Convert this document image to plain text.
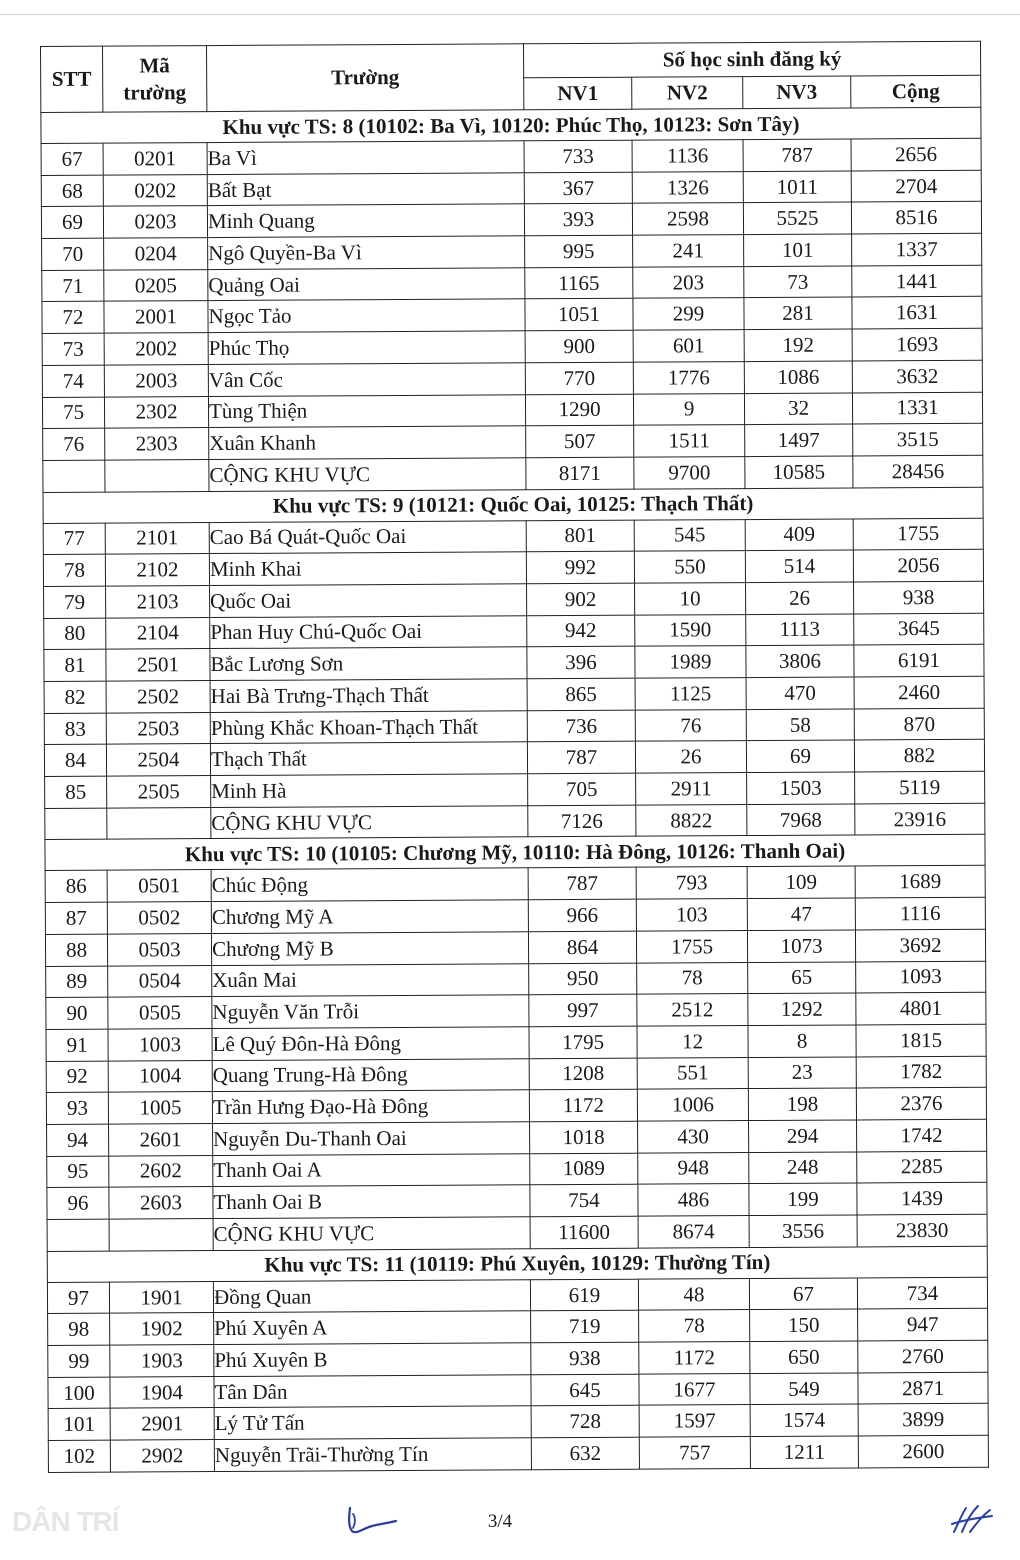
STT	Mã trường	Trường	Số học sinh đăng ký			
			NV1	NV2	NV3	Cộng
Khu vực TS: 8 (10102: Ba Vì, 10120: Phúc Thọ, 10123: Sơn Tây)						
67	0201	Ba Vì	733	1136	787	2656
68	0202	Bất Bạt	367	1326	1011	2704
69	0203	Minh Quang	393	2598	5525	8516
70	0204	Ngô Quyền-Ba Vì	995	241	101	1337
71	0205	Quảng Oai	1165	203	73	1441
72	2001	Ngọc Tảo	1051	299	281	1631
73	2002	Phúc Thọ	900	601	192	1693
74	2003	Vân Cốc	770	1776	1086	3632
75	2302	Tùng Thiện	1290	9	32	1331
76	2303	Xuân Khanh	507	1511	1497	3515
		CỘNG KHU VỰC	8171	9700	10585	28456
Khu vực TS: 9 (10121: Quốc Oai, 10125: Thạch Thất)						
77	2101	Cao Bá Quát-Quốc Oai	801	545	409	1755
78	2102	Minh Khai	992	550	514	2056
79	2103	Quốc Oai	902	10	26	938
80	2104	Phan Huy Chú-Quốc Oai	942	1590	1113	3645
81	2501	Bắc Lương Sơn	396	1989	3806	6191
82	2502	Hai Bà Trưng-Thạch Thất	865	1125	470	2460
83	2503	Phùng Khắc Khoan-Thạch Thất	736	76	58	870
84	2504	Thạch Thất	787	26	69	882
85	2505	Minh Hà	705	2911	1503	5119
		CỘNG KHU VỰC	7126	8822	7968	23916
Khu vực TS: 10 (10105: Chương Mỹ, 10110: Hà Đông, 10126: Thanh Oai)						
86	0501	Chúc Động	787	793	109	1689
87	0502	Chương Mỹ A	966	103	47	1116
88	0503	Chương Mỹ B	864	1755	1073	3692
89	0504	Xuân Mai	950	78	65	1093
90	0505	Nguyễn Văn Trỗi	997	2512	1292	4801
91	1003	Lê Quý Đôn-Hà Đông	1795	12	8	1815
92	1004	Quang Trung-Hà Đông	1208	551	23	1782
93	1005	Trần Hưng Đạo-Hà Đông	1172	1006	198	2376
94	2601	Nguyễn Du-Thanh Oai	1018	430	294	1742
95	2602	Thanh Oai A	1089	948	248	2285
96	2603	Thanh Oai B	754	486	199	1439
		CỘNG KHU VỰC	11600	8674	3556	23830
Khu vực TS: 11 (10119: Phú Xuyên, 10129: Thường Tín)						
97	1901	Đồng Quan	619	48	67	734
98	1902	Phú Xuyên A	719	78	150	947
99	1903	Phú Xuyên B	938	1172	650	2760
100	1904	Tân Dân	645	1677	549	2871
101	2901	Lý Tử Tấn	728	1597	1574	3899
102	2902	Nguyễn Trãi-Thường Tín	632	757	1211	2600
3/4
DÂN TRÍ
